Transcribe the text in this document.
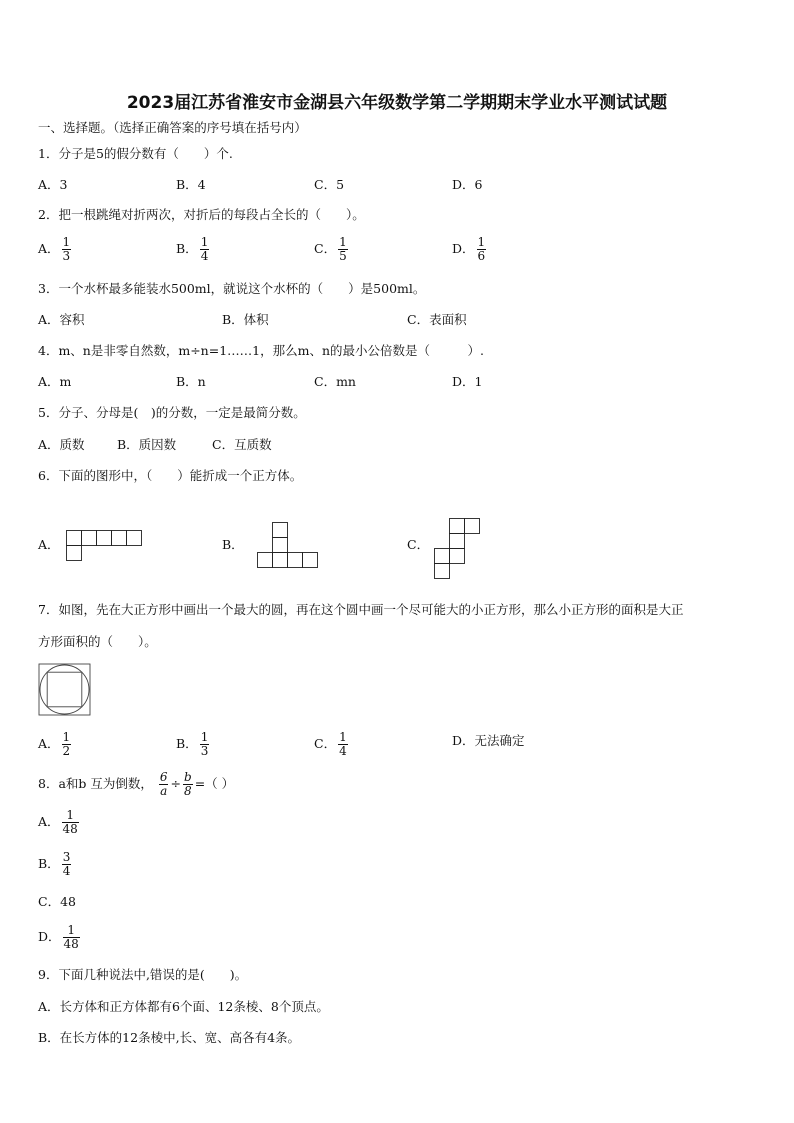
2023届江苏省淮安市金湖县六年级数学第二学期期末学业水平测试试题
一、选择题。（选择正确答案的序号填在括号内）
1．分子是5的假分数有（　　）个.
A．3	B．4	C．5	D．6
2．把一根跳绳对折两次，对折后的每段占全长的（　　）。
A． $\frac{1}{3}$	B． $\frac{1}{4}$	C． $\frac{1}{5}$	D． $\frac{1}{6}$
3．一个水杯最多能装水500ml，就说这个水杯的（　　）是500ml。
A．容积	B．体积	C．表面积
4．m、n是非零自然数，m÷n=1……1，那么m、n的最小公倍数是（　　　）.
A．m	B．n	C．mn	D．1
5．分子、分母是(　)的分数，一定是最简分数。
A．质数	B．质因数	C．互质数
6．下面的图形中，（　　）能折成一个正方体。
A．	B．	C．
7．如图，先在大正方形中画出一个最大的圆，再在这个圆中画一个尽可能大的小正方形，那么小正方形的面积是大正
方形面积的（　　）。
A． $\frac{1}{2}$	B． $\frac{1}{3}$	C． $\frac{1}{4}$	D．无法确定
8．a和b 互为倒数， $\frac{6}{a} \div \frac{b}{8}$ =（ ）
A． $\frac{1}{48}$
B． $\frac{3}{4}$
C．48
D． $\frac{1}{48}$
9．下面几种说法中,错误的是(　　)。
A．长方体和正方体都有6个面、12条棱、8个顶点。
B．在长方体的12条棱中,长、宽、高各有4条。
